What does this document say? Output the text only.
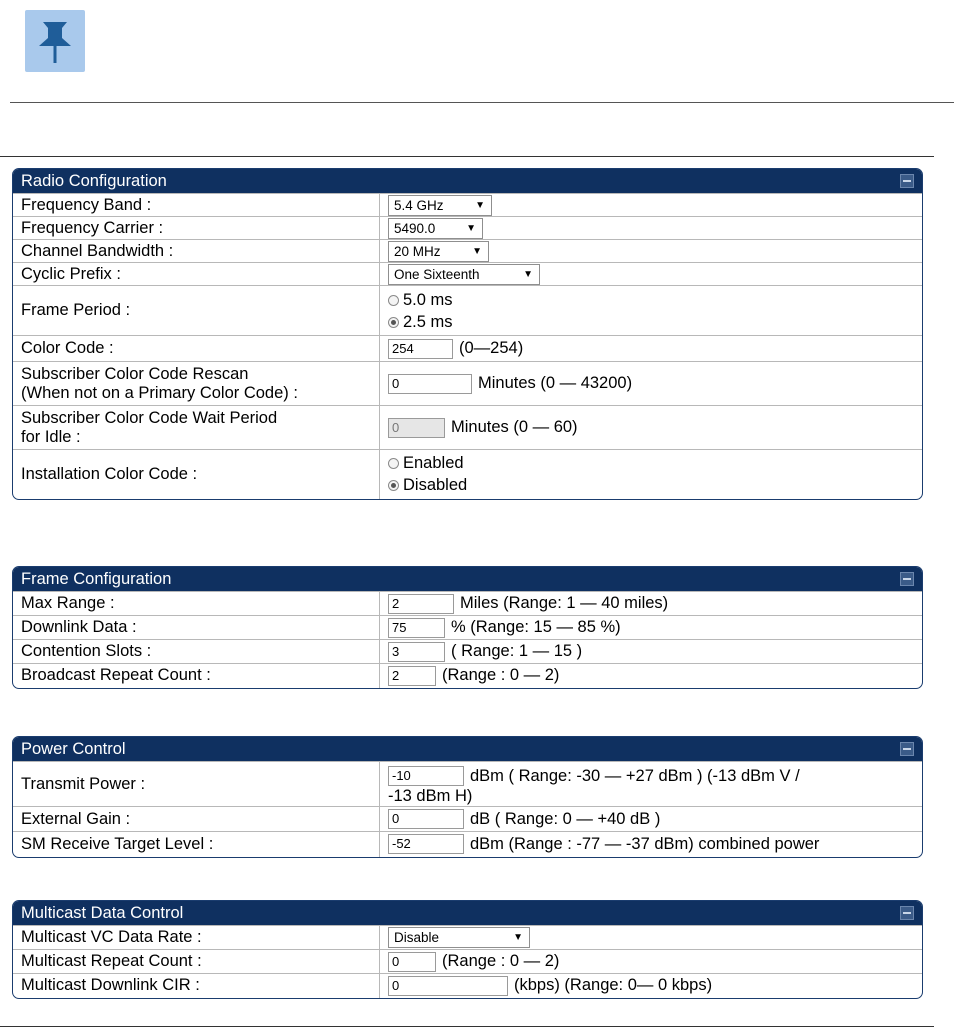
Radio Configuration
Frequency Band :	5.4 GHz ▼

Frequency Carrier :	5490.0 ▼

Channel Bandwidth :	20 MHz ▼

Cyclic Prefix :	One Sixteenth ▼

Frame Period :	5.0 ms
2.5 ms

Color Code :	254 (0—254)
Subscriber Color Code Rescan
(When not on a Primary Color Code) :	0 Minutes (0 — 43200)
Subscriber Color Code Wait Period
for Idle :	0 Minutes (0 — 60)
Installation Color Code :	Enabled
Disabled
Frame Configuration
Max Range :	2 Miles (Range: 1 — 40 miles)
Downlink Data :	75 % (Range: 15 — 85 %)
Contention Slots :	3 ( Range: 1 — 15 )
Broadcast Repeat Count :	2 (Range : 0 — 2)
Power Control
Transmit Power :	-10 dBm ( Range: -30 — +27 dBm ) (-13 dBm V /
-13 dBm H)

External Gain :	0 dB ( Range: 0 — +40 dB )
SM Receive Target Level :	-52 dBm (Range : -77 — -37 dBm) combined power
Multicast Data Control
Multicast VC Data Rate :	Disable ▼

Multicast Repeat Count :	0 (Range : 0 — 2)
Multicast Downlink CIR :	0 (kbps) (Range: 0— 0 kbps)
